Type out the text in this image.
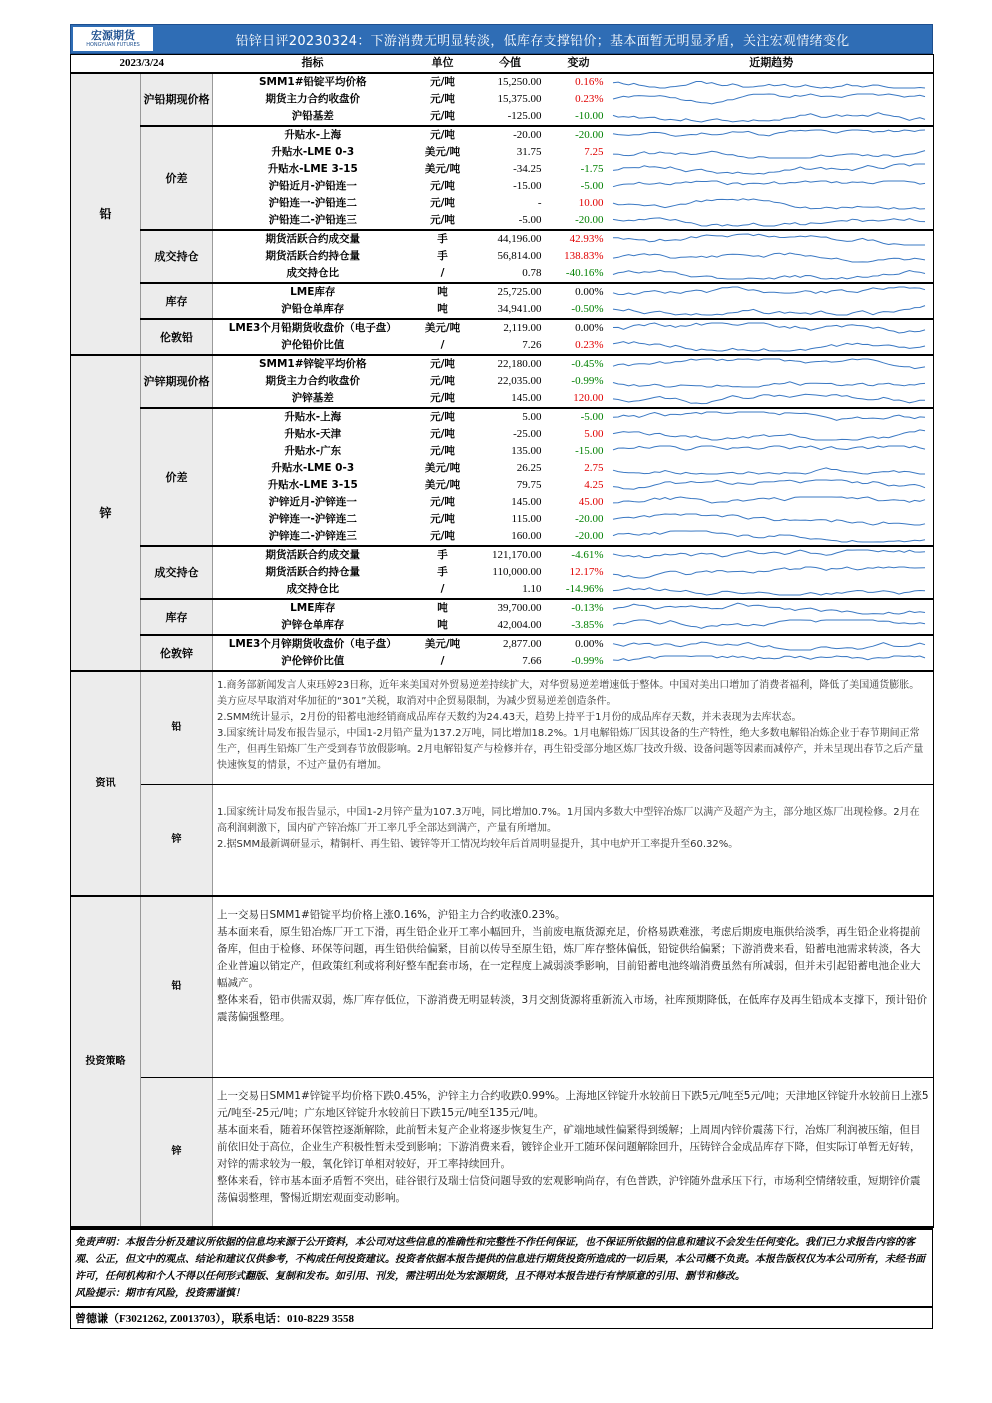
宏源期货
HONGYUAN FUTURES	铅锌日评20230324：下游消费无明显转淡，低库存支撑铅价；基本面暂无明显矛盾，关注宏观情绪变化
2023/3/24		指标	单位	今值	变动	近期趋势
铅	沪铅期现价格	SMM1#铅锭平均价格	元/吨	15,250.00	0.16%	

		期货主力合约收盘价	元/吨	15,375.00	0.23%	

		沪铅基差	元/吨	-125.00	-10.00	

	价差	升贴水-上海	元/吨	-20.00	-20.00	

		升贴水-LME 0-3	美元/吨	31.75	7.25	

		升贴水-LME 3-15	美元/吨	-34.25	-1.75	

		沪铅近月-沪铅连一	元/吨	-15.00	-5.00	

		沪铅连一-沪铅连二	元/吨	-	10.00	

		沪铅连二-沪铅连三	元/吨	-5.00	-20.00	

	成交持仓	期货活跃合约成交量	手	44,196.00	42.93%	

		期货活跃合约持仓量	手	56,814.00	138.83%	

		成交持仓比	/	0.78	-40.16%	

	库存	LME库存	吨	25,725.00	0.00%	

		沪铅仓单库存	吨	34,941.00	-0.50%	

	伦敦铅	LME3个月铅期货收盘价（电子盘）	美元/吨	2,119.00	0.00%	

		沪伦铅价比值	/	7.26	0.23%	

锌	沪锌期现价格	SMM1#锌锭平均价格	元/吨	22,180.00	-0.45%	

		期货主力合约收盘价	元/吨	22,035.00	-0.99%	

		沪锌基差	元/吨	145.00	120.00	

	价差	升贴水-上海	元/吨	5.00	-5.00	

		升贴水-天津	元/吨	-25.00	5.00	

		升贴水-广东	元/吨	135.00	-15.00	

		升贴水-LME 0-3	美元/吨	26.25	2.75	

		升贴水-LME 3-15	美元/吨	79.75	4.25	

		沪锌近月-沪锌连一	元/吨	145.00	45.00	

		沪锌连一-沪锌连二	元/吨	115.00	-20.00	

		沪锌连二-沪锌连三	元/吨	160.00	-20.00	

	成交持仓	期货活跃合约成交量	手	121,170.00	-4.61%	

		期货活跃合约持仓量	手	110,000.00	12.17%	

		成交持仓比	/	1.10	-14.96%	

	库存	LME库存	吨	39,700.00	-0.13%	

		沪锌仓单库存	吨	42,004.00	-3.85%	

	伦敦锌	LME3个月锌期货收盘价（电子盘）	美元/吨	2,877.00	0.00%	

		沪伦锌价比值	/	7.66	-0.99%	
资讯	铅	1.商务部新闻发言人束珏婷23日称，近年来美国对外贸易逆差持续扩大，对华贸易逆差增速低于整体。中国对美出口增加了消费者福利，降低了美国通货膨胀。美方应尽早取消对华加征的“301”关税，取消对中企贸易限制，为减少贸易逆差创造条件。
2.SMM统计显示，2月份的铅蓄电池经销商成品库存天数约为24.43天，趋势上持平于1月份的成品库存天数，并未表现为去库状态。
3.国家统计局发布报告显示，中国1-2月铅产量为137.2万吨，同比增加18.2%。1月电解铅炼厂因其设备的生产特性，绝大多数电解铅冶炼企业于春节期间正常生产，但再生铅炼厂生产受到春节放假影响。2月电解铅复产与检修并存，再生铅受部分地区炼厂技改升级、设备问题等因素而减停产，并未呈现出春节之后产量快速恢复的情景，不过产量仍有增加。

	锌	1.国家统计局发布报告显示，中国1-2月锌产量为107.3万吨，同比增加0.7%。1月国内多数大中型锌冶炼厂以满产及超产为主，部分地区炼厂出现检修。2月在高利润刺激下，国内矿产锌冶炼厂开工率几乎全部达到满产，产量有所增加。
2.据SMM最新调研显示，精铜杆、再生铅、镀锌等开工情况均较年后首周明显提升，其中电炉开工率提升至60.32%。
投资策略	铅	上一交易日SMM1#铅锭平均价格上涨0.16%，沪铅主力合约收涨0.23%。
基本面来看，原生铅冶炼厂开工下滑，再生铅企业开工率小幅回升，当前废电瓶货源充足，价格易跌难涨，考虑后期废电瓶供给淡季，再生铅企业将提前备库，但由于检修、环保等问题，再生铅供给偏紧，目前以传导至原生铅，炼厂库存整体偏低，铅锭供给偏紧；下游消费来看，铅蓄电池需求转淡，各大企业普遍以销定产，但政策红利或将利好整车配套市场，在一定程度上减弱淡季影响，目前铅蓄电池终端消费虽然有所减弱，但并未引起铅蓄电池企业大幅减产。
整体来看，铅市供需双弱，炼厂库存低位，下游消费无明显转淡，3月交割货源将重新流入市场，社库预期降低，在低库存及再生铅成本支撑下，预计铅价震荡偏强整理。

	锌	上一交易日SMM1#锌锭平均价格下跌0.45%，沪锌主力合约收跌0.99%。上海地区锌锭升水较前日下跌5元/吨至5元/吨；天津地区锌锭升水较前日上涨5元/吨至-25元/吨；广东地区锌锭升水较前日下跌15元/吨至135元/吨。
基本面来看，随着环保管控逐渐解除，此前暂未复产企业将逐步恢复生产，矿端地域性偏紧得到缓解；上周周内锌价震荡下行，冶炼厂利润被压缩，但目前依旧处于高位，企业生产积极性暂未受到影响；下游消费来看，镀锌企业开工随环保问题解除回升，压铸锌合金成品库存下降，但实际订单暂无好转，对锌的需求较为一般，氧化锌订单相对较好，开工率持续回升。
整体来看，锌市基本面矛盾暂不突出，硅谷银行及瑞士信贷问题导致的宏观影响尚存，有色普跌，沪锌随外盘承压下行，市场利空情绪较重，短期锌价震荡偏弱整理，警惕近期宏观面变动影响。
免责声明：本报告分析及建议所依据的信息均来源于公开资料，本公司对这些信息的准确性和完整性不作任何保证，也不保证所依据的信息和建议不会发生任何变化。我们已力求报告内容的客观、公正，但文中的观点、结论和建议仅供参考，不构成任何投资建议。投资者依据本报告提供的信息进行期货投资所造成的一切后果，本公司概不负责。本报告版权仅为本公司所有，未经书面许可，任何机构和个人不得以任何形式翻版、复制和发布。如引用、刊发，需注明出处为宏源期货，且不得对本报告进行有悖原意的引用、删节和修改。
风险提示：期市有风险，投资需谨慎！
曾德谦（F3021262, Z0013703），联系电话：010-8229 3558
